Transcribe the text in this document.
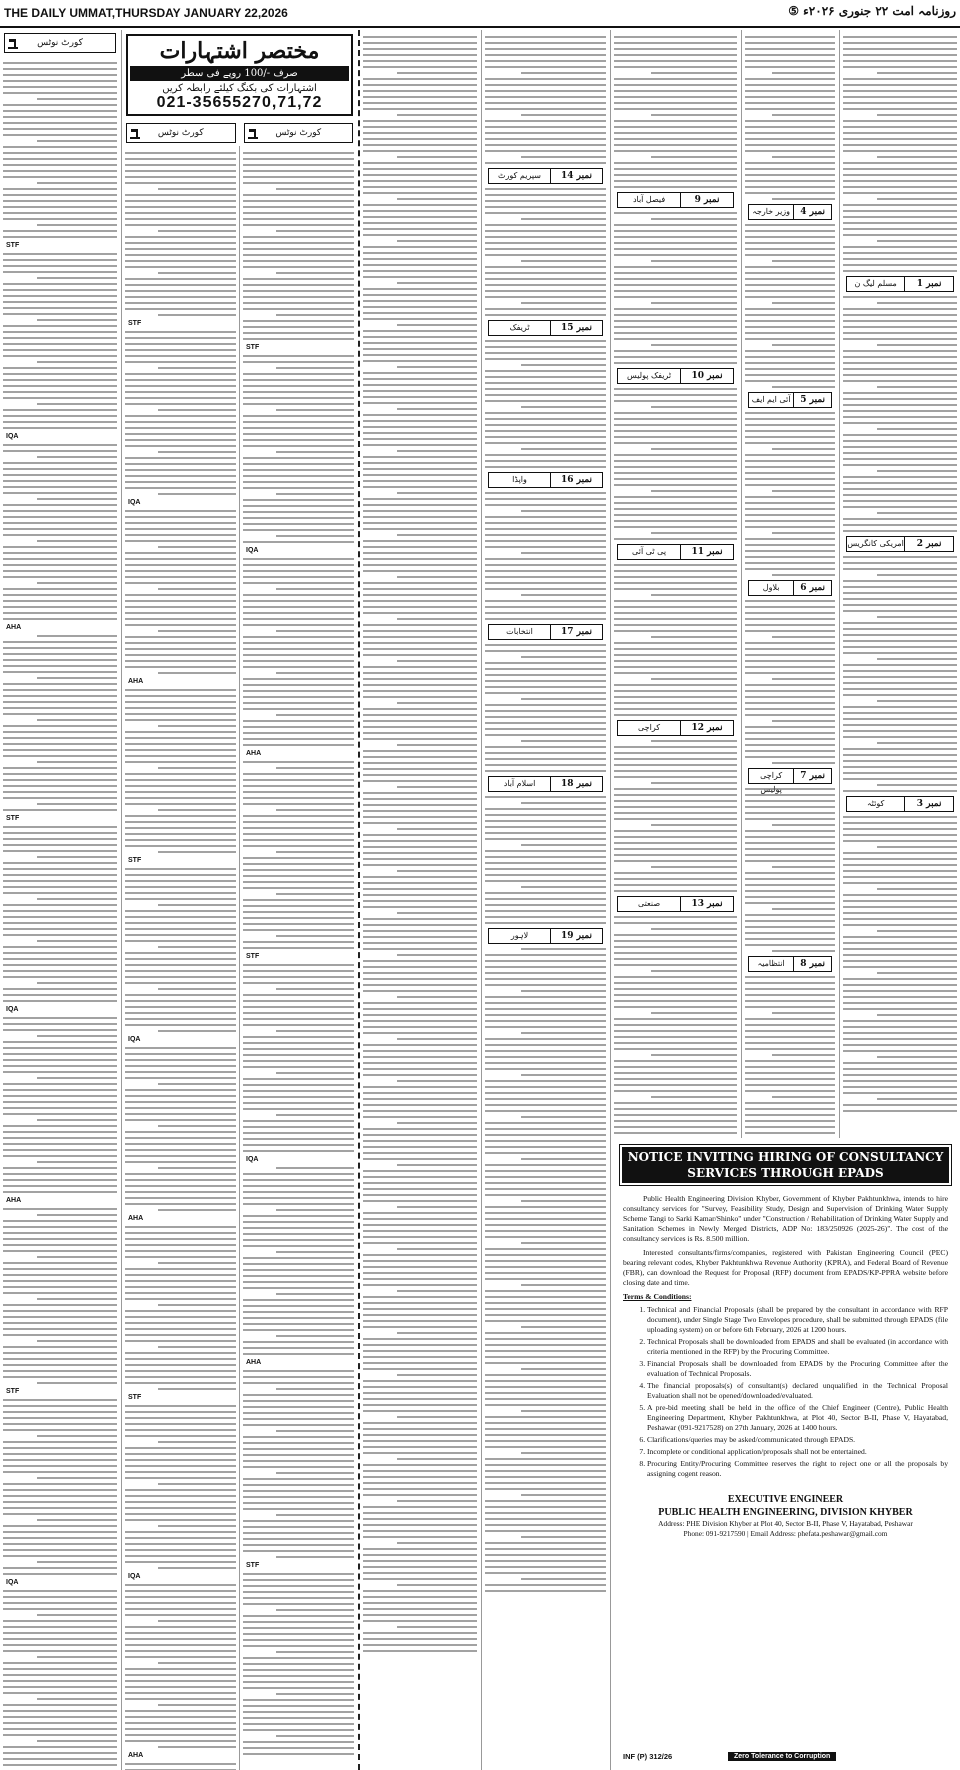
THE DAILY UMMAT,THURSDAY JANUARY 22,2026	روزنامہ امت ۲۲ جنوری ۲۰۲۶ء ⑤
کورٹ نوٹس
STF
IQA
AHA
STF
IQA
AHA
STF
IQA
مختصر اشتہارات
صرف -/100 روپے فی سطر
اشتہارات کی بکنگ کیلئے رابطہ کریں
021-35655270,71,72
کورٹ نوٹس	کورٹ نوٹس
STF
IQA
AHA
STF
IQA
AHA
STF
IQA
AHA
STF
IQA
AHA
STF
IQA
AHA
STF
نمبر 14
سپریم کورٹ
نمبر 15
ٹریفک
نمبر 16
واپڈا
نمبر 17
انتخابات
نمبر 18
اسلام آباد
نمبر 19
لاہور
نمبر 9
فیصل آباد
نمبر 10
ٹریفک پولیس
نمبر 11
پی ٹی آئی
نمبر 12
کراچی
نمبر 13
صنعتی
نمبر 4
وزیر خارجہ
نمبر 5
آئی ایم ایف
نمبر 6
بلاول
نمبر 7
کراچی
نمبر 8
انتظامیہ
نمبر 1
مسلم لیگ ن
نمبر 2
امریکی کانگریس
نمبر 3
کوئٹہ
NOTICE INVITING HIRING OF CONSULTANCY
SERVICES THROUGH EPADS

Public Health Engineering Division Khyber, Government of Khyber Pakhtunkhwa, intends to hire consultancy services for "Survey, Feasibility Study, Design and Supervision of Drinking Water Supply Scheme Tangi to Sarki Kamar/Shinko" under "Construction / Rehabilitation of Drinking Water Supply and Sanitation Schemes in Newly Merged Districts, ADP No: 183/250926 (2025-26)". The cost of the consultancy services is Rs. 8.500 million.

Interested consultants/firms/companies, registered with Pakistan Engineering Council (PEC) bearing relevant codes, Khyber Pakhtunkhwa Revenue Authority (KPRA), and Federal Board of Revenue (FBR), can download the Request for Proposal (RFP) document from EPADS/KP-PPRA website before closing date and time.

Terms & Conditions:
1. Technical and Financial Proposals (shall be prepared by the consultant in accordance with RFP document), under Single Stage Two Envelopes procedure, shall be submitted through EPADS (file uploading system) on or before 6th February, 2026 at 1200 hours.
2. Technical Proposals shall be downloaded from EPADS and shall be evaluated (in accordance with criteria mentioned in the RFP) by the Procuring Committee.
3. Financial Proposals shall be downloaded from EPADS by the Procuring Committee after the evaluation of Technical Proposals.
4. The financial proposals(s) of consultant(s) declared unqualified in the Technical Proposal Evaluation shall not be opened/downloaded/evaluated.
5. A pre-bid meeting shall be held in the office of the Chief Engineer (Centre), Public Health Engineering Department, Khyber Pakhtunkhwa, at Plot 40, Sector B-II, Phase V, Hayatabad, Peshawar (091-9217528) on 27th January, 2026 at 1400 hours.
6. Clarifications/queries may be asked/communicated through EPADS.
7. Incomplete or conditional application/proposals shall not be entertained.
8. Procuring Entity/Procuring Committee reserves the right to reject one or all the proposals by assigning cogent reason.
EXECUTIVE ENGINEER
PUBLIC HEALTH ENGINEERING, DIVISION KHYBER
Address: PHE Division Khyber at Plot 40, Sector B-II, Phase V, Hayatabad, Peshawar
Phone: 091-9217590 | Email Address: phefata.peshawar@gmail.com
INF (P) 312/26	Zero Tolerance to Corruption
